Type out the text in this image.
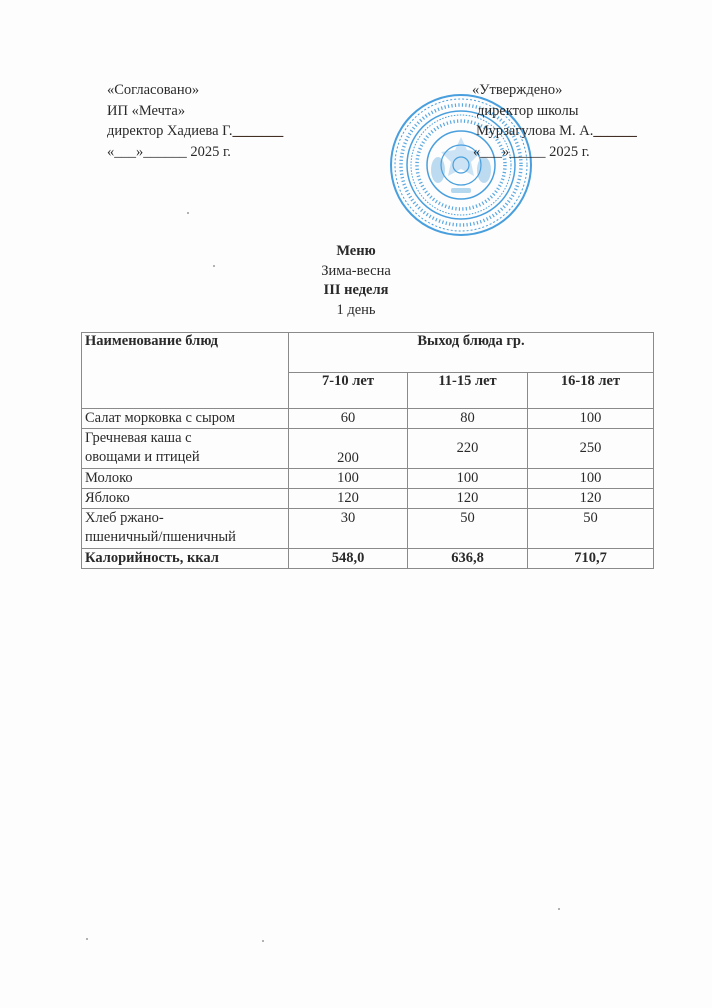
«Согласовано»
ИП «Мечта»
директор Хадиева Г._______
«___»______ 2025 г.
«Утверждено»
директор школы
Мурзагулова М. А.______
«___»_____ 2025 г.
Меню
Зима-весна
III неделя
1 день
Наименование блюд	Выход блюда гр.		
	7-10 лет	11-15 лет	16-18 лет
Салат морковка с сыром	60	80	100

Гречневая каша с
овощами и птицей	200	220	250
Молоко	100	100	100
Яблоко	120	120	120

Хлеб ржано-
пшеничный/пшеничный	30	50	50
Калорийность, ккал	548,0	636,8	710,7
